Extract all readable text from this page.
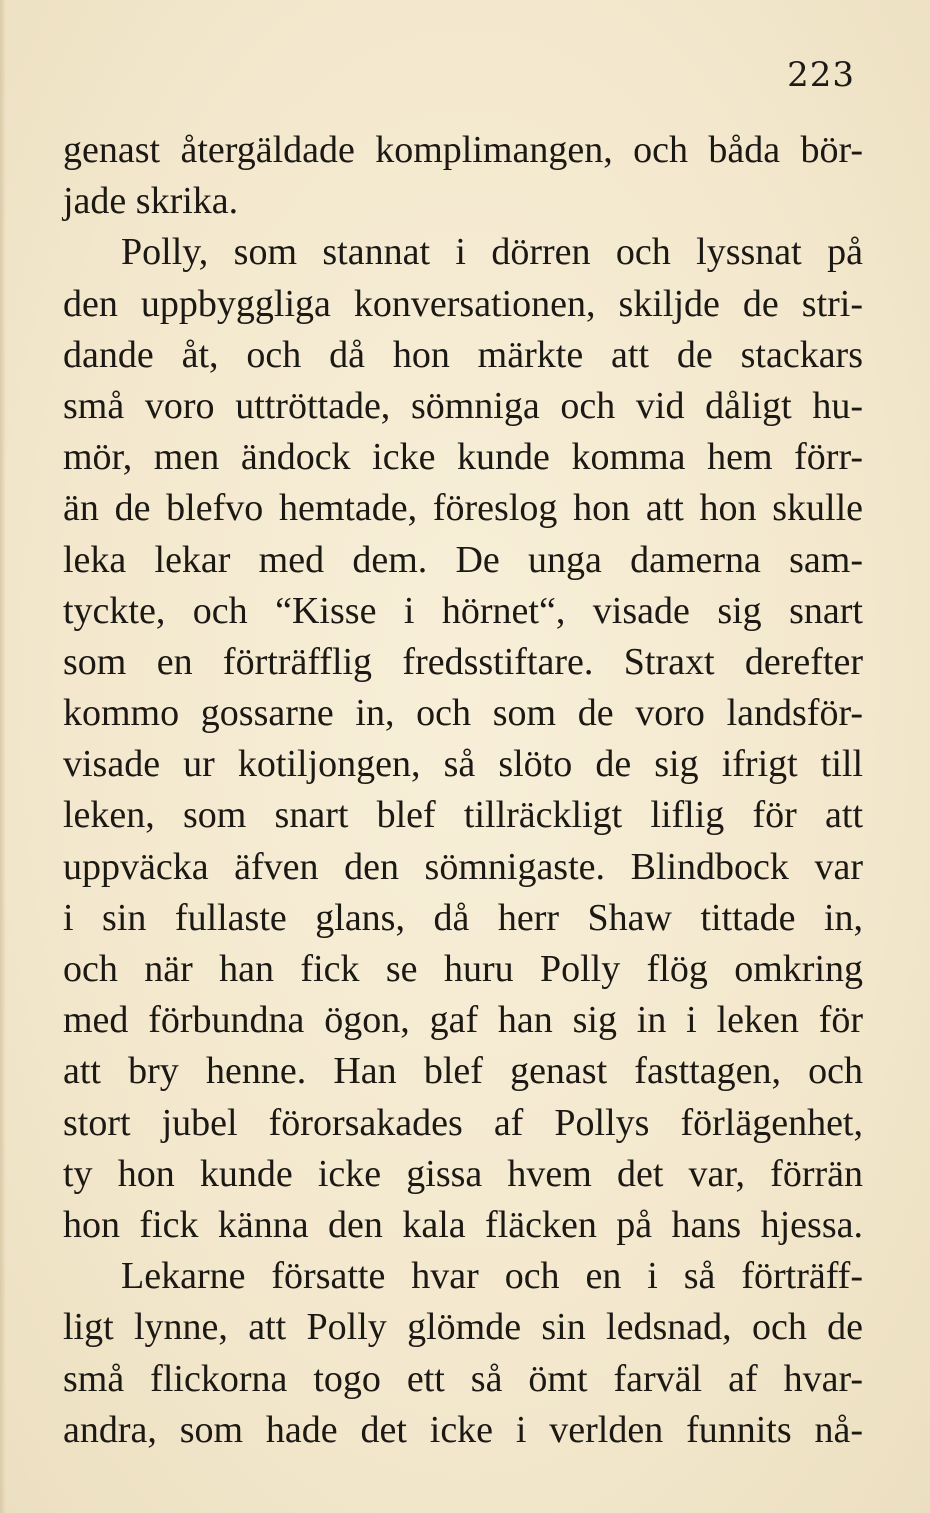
223
genast återgäldade komplimangen, och båda bör-
jade skrika.
Polly, som stannat i dörren och lyssnat på
den uppbyggliga konversationen, skiljde de stri-
dande åt, och då hon märkte att de stackars
små voro uttröttade, sömniga och vid dåligt hu-
mör, men ändock icke kunde komma hem förr-
än de blefvo hemtade, föreslog hon att hon skulle
leka lekar med dem. De unga damerna sam-
tyckte, och “Kisse i hörnet“, visade sig snart
som en förträfflig fredsstiftare. Straxt derefter
kommo gossarne in, och som de voro landsför-
visade ur kotiljongen, så slöto de sig ifrigt till
leken, som snart blef tillräckligt liflig för att
uppväcka äfven den sömnigaste. Blindbock var
i sin fullaste glans, då herr Shaw tittade in,
och när han fick se huru Polly flög omkring
med förbundna ögon, gaf han sig in i leken för
att bry henne. Han blef genast fasttagen, och
stort jubel förorsakades af Pollys förlägenhet,
ty hon kunde icke gissa hvem det var, förrän
hon fick känna den kala fläcken på hans hjessa.
Lekarne försatte hvar och en i så förträff-
ligt lynne, att Polly glömde sin ledsnad, och de
små flickorna togo ett så ömt farväl af hvar-
andra, som hade det icke i verlden funnits nå-
